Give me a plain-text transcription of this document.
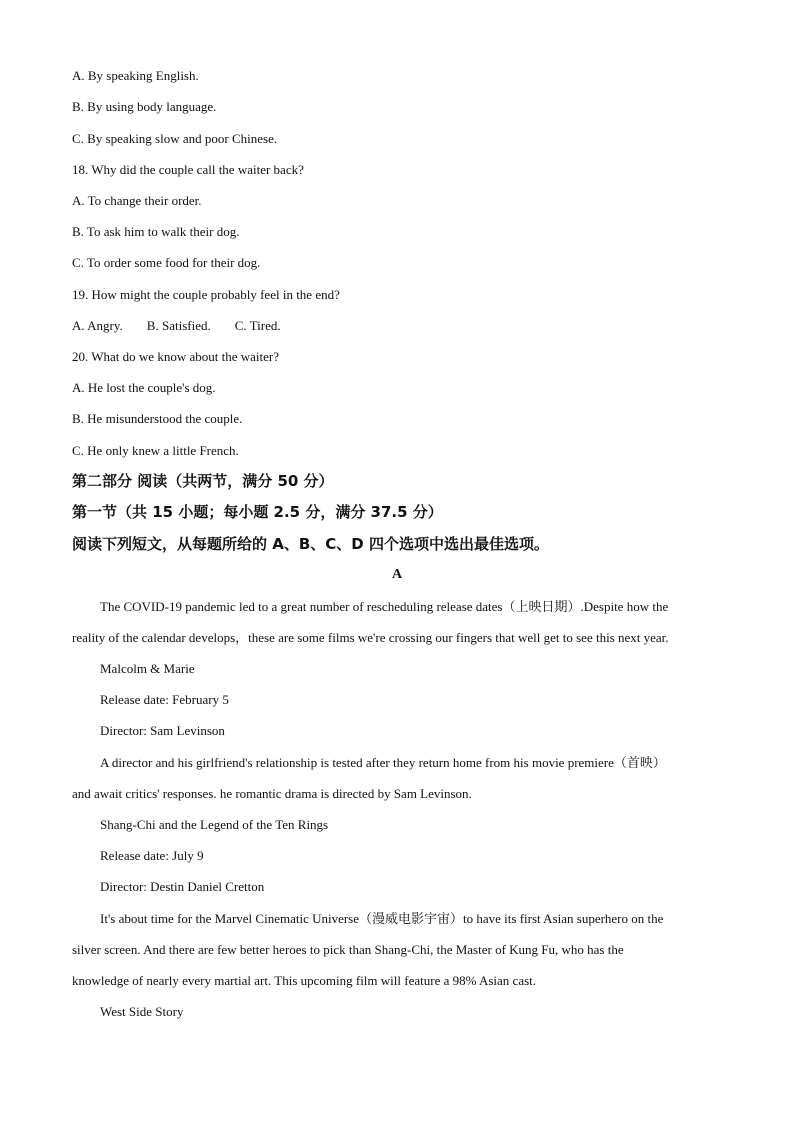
A. By speaking English.
B. By using body language.
C. By speaking slow and poor Chinese.
18. Why did the couple call the waiter back?
A. To change their order.
B. To ask him to walk their dog.
C. To order some food for their dog.
19. How might the couple probably feel in the end?
A. Angry. B. Satisfied. C. Tired.
20. What do we know about the waiter?
A. He lost the couple's dog.
B. He misunderstood the couple.
C. He only knew a little French.
第二部分 阅读（共两节，满分 50 分）
第一节（共 15 小题；每小题 2.5 分，满分 37.5 分）
阅读下列短文，从每题所给的 A、B、C、D 四个选项中选出最佳选项。
A
The COVID-19 pandemic led to a great number of rescheduling release dates（上映日期）.Despite how the
reality of the calendar develops，these are some films we're crossing our fingers that well get to see this next year.
Malcolm & Marie
Release date: February 5
Director: Sam Levinson
A director and his girlfriend's relationship is tested after they return home from his movie premiere（首映）
and await critics' responses. he romantic drama is directed by Sam Levinson.
Shang-Chi and the Legend of the Ten Rings
Release date: July 9
Director: Destin Daniel Cretton
It's about time for the Marvel Cinematic Universe（漫威电影宇宙）to have its first Asian superhero on the
silver screen. And there are few better heroes to pick than Shang-Chi, the Master of Kung Fu, who has the
knowledge of nearly every martial art. This upcoming film will feature a 98% Asian cast.
West Side Story
